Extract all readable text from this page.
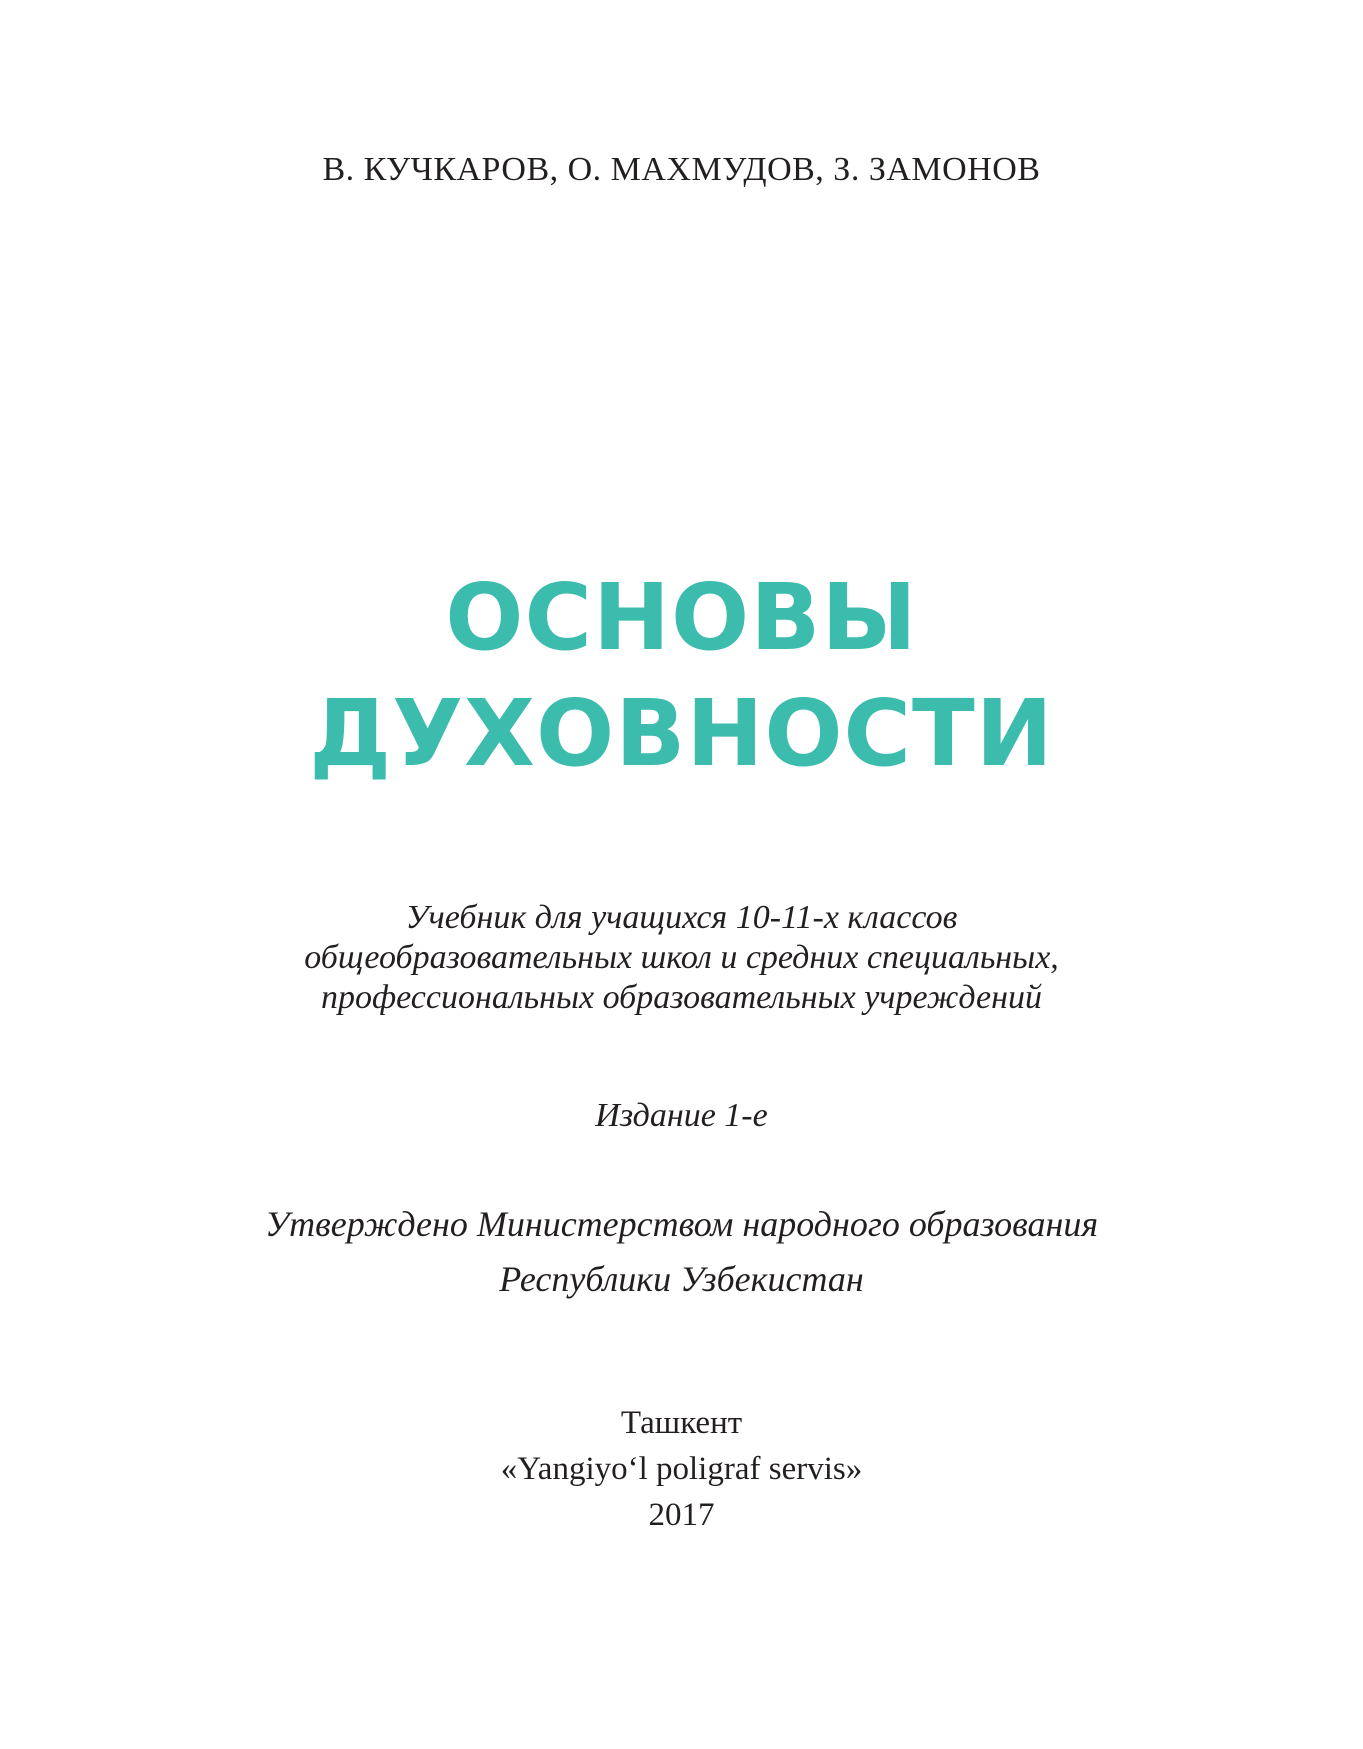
В. КУЧКАРОВ, О. МАХМУДОВ, З. ЗАМОНОВ
ОСНОВЫ
ДУХОВНОСТИ
Учебник для учащихся 10-11-х классов
общеобразовательных школ и средних специальных,
профессиональных образовательных учреждений
Издание 1-е
Утверждено Министерством народного образования
Республики Узбекистан
Ташкент
«Yangiyoʻl poligraf servis»
2017
